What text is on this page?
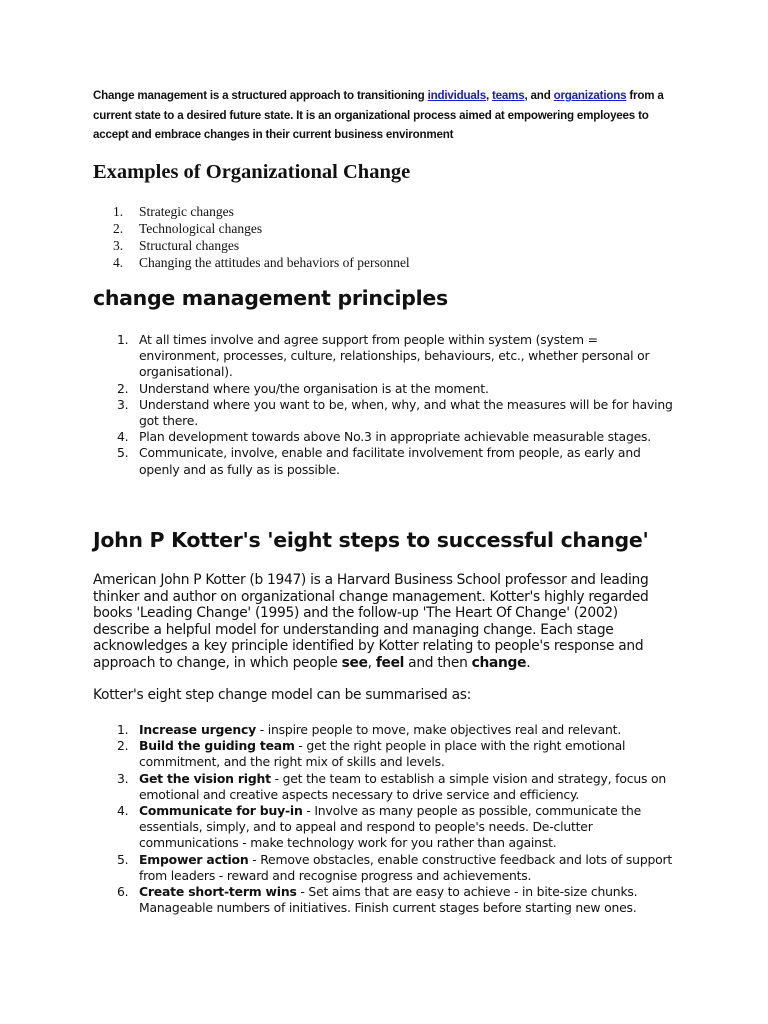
Change management is a structured approach to transitioning individuals, teams, and organizations from a current state to a desired future state. It is an organizational process aimed at empowering employees to accept and embrace changes in their current business environment

Examples of Organizational Change
1.	Strategic changes
2.	Technological changes
3.	Structural changes
4.	Changing the attitudes and behaviors of personnel
change management principles
1. At all times involve and agree support from people within system (system = environment, processes, culture, relationships, behaviours, etc., whether personal or organisational).
2. Understand where you/the organisation is at the moment.
3. Understand where you want to be, when, why, and what the measures will be for having got there.
4. Plan development towards above No.3 in appropriate achievable measurable stages.
5. Communicate, involve, enable and facilitate involvement from people, as early and openly and as fully as is possible.
John P Kotter's 'eight steps to successful change'

American John P Kotter (b 1947) is a Harvard Business School professor and leading thinker and author on organizational change management. Kotter's highly regarded books 'Leading Change' (1995) and the follow-up 'The Heart Of Change' (2002) describe a helpful model for understanding and managing change. Each stage acknowledges a key principle identified by Kotter relating to people's response and approach to change, in which people see, feel and then change.

Kotter's eight step change model can be summarised as:

1. Increase urgency - inspire people to move, make objectives real and relevant.
2. Build the guiding team - get the right people in place with the right emotional commitment, and the right mix of skills and levels.
3. Get the vision right - get the team to establish a simple vision and strategy, focus on emotional and creative aspects necessary to drive service and efficiency.
4. Communicate for buy-in - Involve as many people as possible, communicate the essentials, simply, and to appeal and respond to people's needs. De-clutter communications - make technology work for you rather than against.
5. Empower action - Remove obstacles, enable constructive feedback and lots of support from leaders - reward and recognise progress and achievements.
6. Create short-term wins - Set aims that are easy to achieve - in bite-size chunks. Manageable numbers of initiatives. Finish current stages before starting new ones.
